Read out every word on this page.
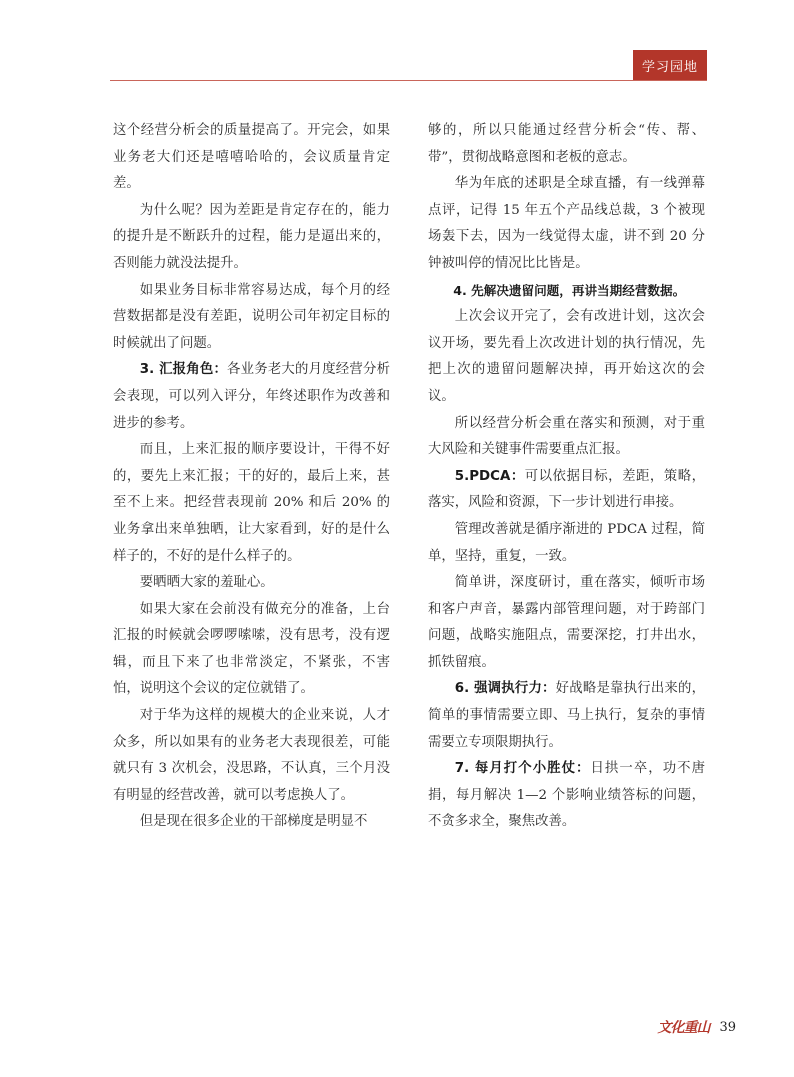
学习园地

这个经营分析会的质量提高了。开完会，如果业务老大们还是嘻嘻哈哈的，会议质量肯定差。

为什么呢？因为差距是肯定存在的，能力的提升是不断跃升的过程，能力是逼出来的，否则能力就没法提升。

如果业务目标非常容易达成，每个月的经营数据都是没有差距，说明公司年初定目标的时候就出了问题。

3. 汇报角色：各业务老大的月度经营分析会表现，可以列入评分，年终述职作为改善和进步的参考。

而且，上来汇报的顺序要设计，干得不好的，要先上来汇报；干的好的，最后上来，甚至不上来。把经营表现前 20% 和后 20% 的业务拿出来单独晒，让大家看到，好的是什么样子的，不好的是什么样子的。

要晒晒大家的羞耻心。

如果大家在会前没有做充分的准备，上台汇报的时候就会啰啰嗦嗦，没有思考，没有逻辑，而且下来了也非常淡定，不紧张，不害怕，说明这个会议的定位就错了。

对于华为这样的规模大的企业来说，人才众多，所以如果有的业务老大表现很差，可能就只有 3 次机会，没思路，不认真，三个月没有明显的经营改善，就可以考虑换人了。

但是现在很多企业的干部梯度是明显不

够的，所以只能通过经营分析会“传、帮、带”，贯彻战略意图和老板的意志。

华为年底的述职是全球直播，有一线弹幕点评，记得 15 年五个产品线总裁，3 个被现场轰下去，因为一线觉得太虚，讲不到 20 分钟被叫停的情况比比皆是。

4. 先解决遗留问题，再讲当期经营数据。

上次会议开完了，会有改进计划，这次会议开场，要先看上次改进计划的执行情况，先把上次的遗留问题解决掉，再开始这次的会议。

所以经营分析会重在落实和预测，对于重大风险和关键事件需要重点汇报。

5.PDCA：可以依据目标，差距，策略，落实，风险和资源，下一步计划进行串接。

管理改善就是循序渐进的 PDCA 过程，简单，坚持，重复，一致。

简单讲，深度研讨，重在落实，倾听市场和客户声音，暴露内部管理问题，对于跨部门问题，战略实施阻点，需要深挖，打井出水，抓铁留痕。

6. 强调执行力：好战略是靠执行出来的，简单的事情需要立即、马上执行，复杂的事情需要立专项限期执行。

7. 每月打个小胜仗：日拱一卒，功不唐捐，每月解决 1—2 个影响业绩答标的问题，不贪多求全，聚焦改善。

文化重山 39
